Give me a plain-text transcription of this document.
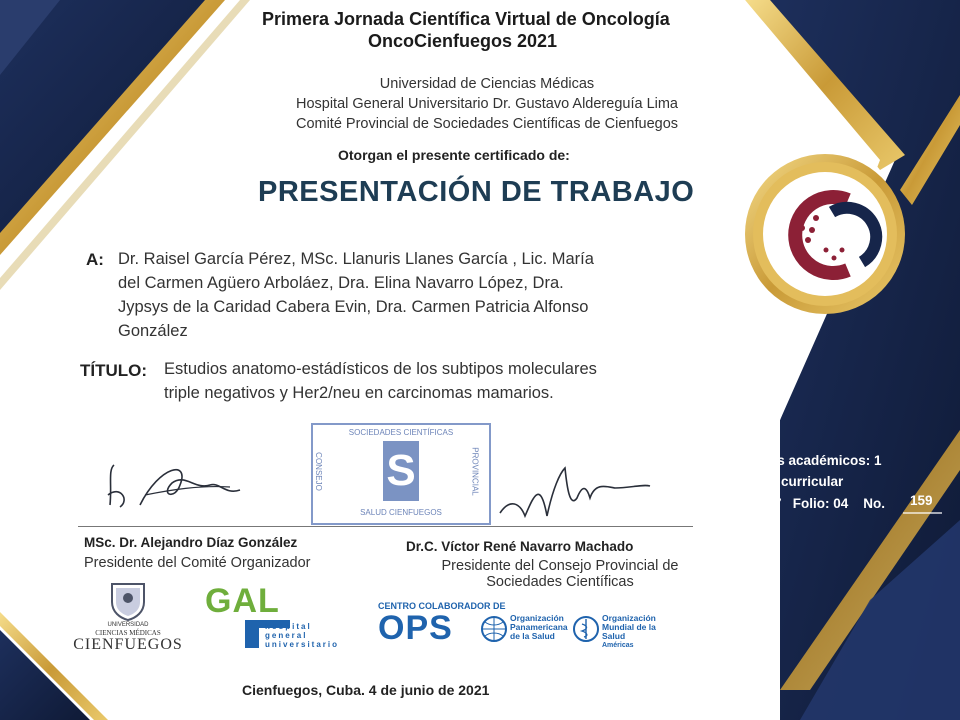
Primera Jornada Científica Virtual de Oncología
OncoCienfuegos 2021
Universidad de Ciencias Médicas
Hospital General Universitario Dr. Gustavo Aldereguía Lima
Comité Provincial de Sociedades Científicas de Cienfuegos
Otorgan el presente certificado de:
PRESENTACIÓN DE TRABAJO
A: Dr. Raisel García Pérez, MSc. Llanuris Llanes García , Lic. María
del Carmen Agüero Arboláez, Dra. Elina Navarro López, Dra.
Jypsys de la Caridad Cabera Evin, Dra. Carmen Patricia Alfonso
González
TÍTULO: Estudios anatomo-estádísticos de los subtipos moleculares
triple negativos y Her2/neu en carcinomas mamarios.
SOCIEDADES CIENTÍFICAS
SALUD CIENFUEGOS
CONSEJO	PROVINCIAL
S
MSc. Dr. Alejandro Díaz González
Presidente del Comité Organizador
Dr.C. Víctor René Navarro Machado
Presidente del Consejo Provincial de
Sociedades Científicas
Créditos académicos: 1
Crédito curricular
Tomo: 7   Folio: 04    No. 159
UNIVERSIDAD
CIENCIAS MÉDICAS
CIENFUEGOS
GAL
hospital
general
universitario
CENTRO COLABORADOR DE
OPS	Organización
Panamericana
de la Salud
Organización
Mundial de la Salud
Américas
Cienfuegos, Cuba. 4 de junio de 2021
